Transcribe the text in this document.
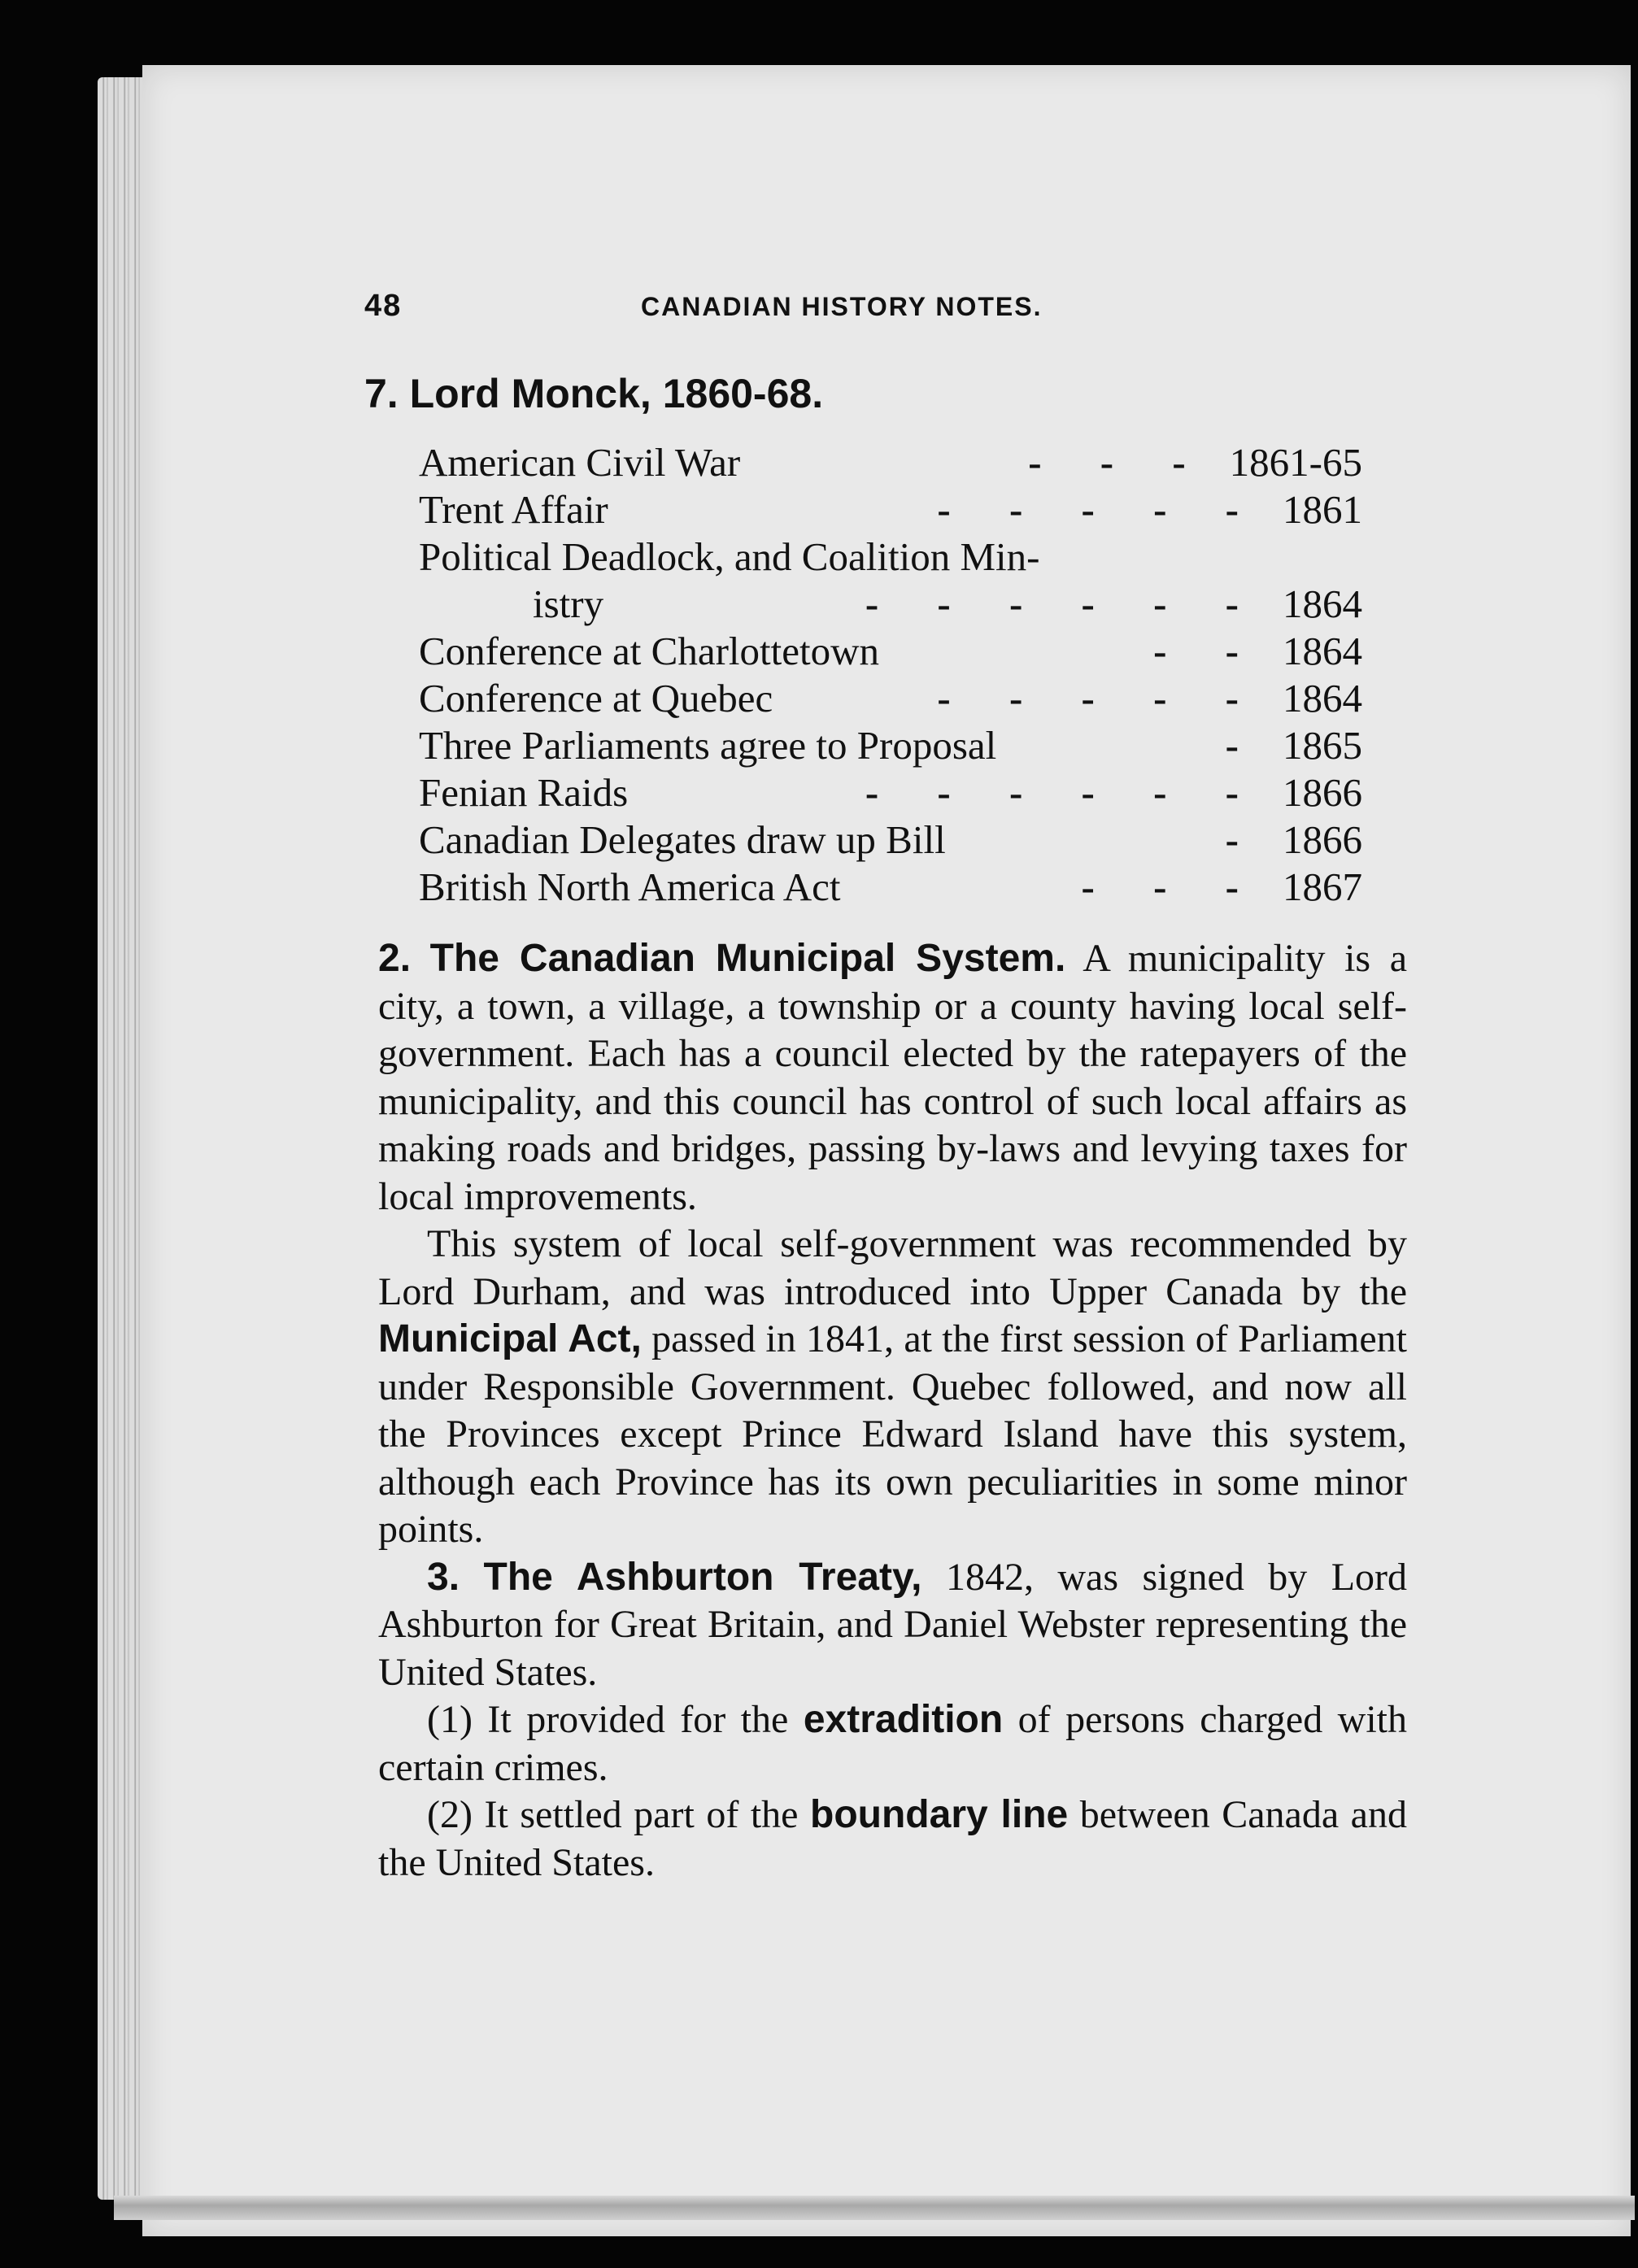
48	CANADIAN HISTORY NOTES.
7. Lord Monck, 1860-68.
American Civil War	- - - 1861-65
Trent Affair	- - - - - 1861
Political Deadlock, and Coalition Min-
istry	- - - - - - 1864
Conference at Charlottetown	- - 1864
Conference at Quebec	- - - - - 1864
Three Parliaments agree to Proposal	- 1865
Fenian Raids	- - - - - - 1866
Canadian Delegates draw up Bill	- 1866
British North America Act	- - - 1867

2. The Canadian Municipal System. A municipality is a city, a town, a village, a township or a county having local self-government. Each has a council elected by the ratepayers of the municipality, and this council has control of such local affairs as making roads and bridges, passing by-laws and levying taxes for local improvements.

This system of local self-government was recommended by Lord Durham, and was introduced into Upper Canada by the Municipal Act, passed in 1841, at the first session of Parliament under Responsible Government. Quebec followed, and now all the Provinces except Prince Edward Island have this system, although each Province has its own peculiarities in some minor points.

3. The Ashburton Treaty, 1842, was signed by Lord Ashburton for Great Britain, and Daniel Webster representing the United States.

(1) It provided for the extradition of persons charged with certain crimes.

(2) It settled part of the boundary line between Canada and the United States.
